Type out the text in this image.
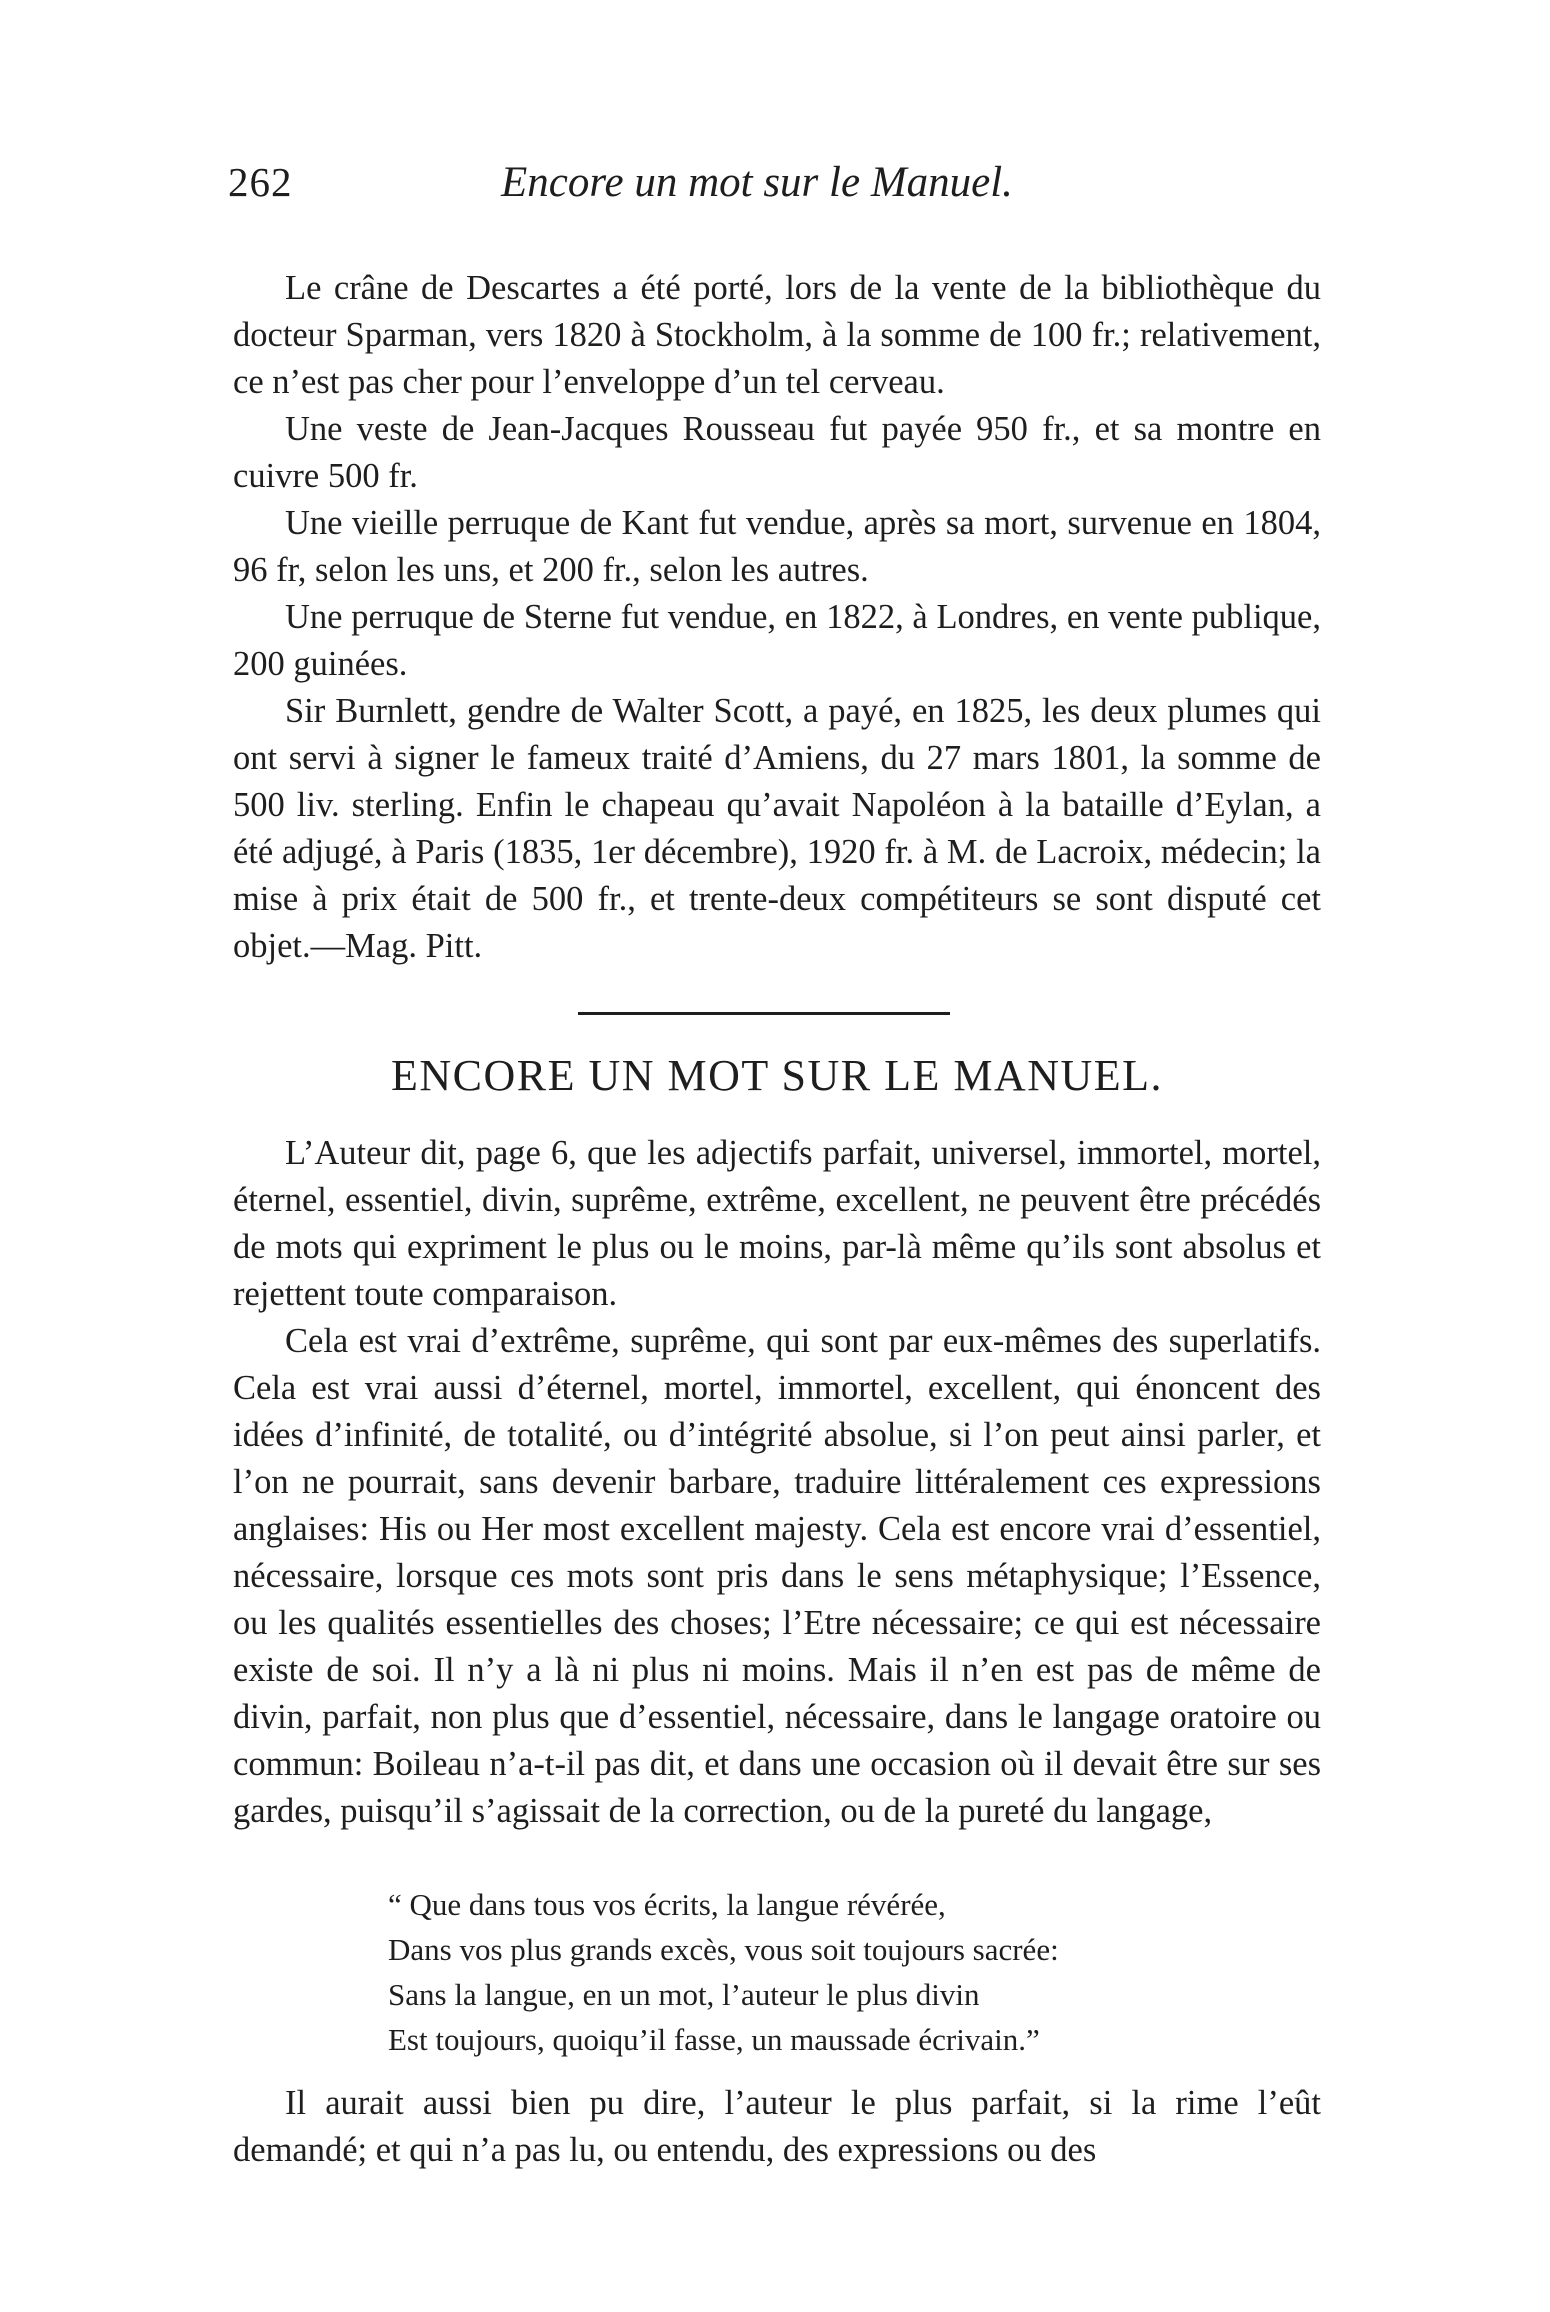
262	Encore un mot sur le Manuel.

Le crâne de Descartes a été porté, lors de la vente de la bibliothèque du docteur Sparman, vers 1820 à Stockholm, à la somme de 100 fr.; relativement, ce n’est pas cher pour l’enveloppe d’un tel cerveau.

Une veste de Jean-Jacques Rousseau fut payée 950 fr., et sa montre en cuivre 500 fr.

Une vieille perruque de Kant fut vendue, après sa mort, survenue en 1804, 96 fr, selon les uns, et 200 fr., selon les autres.

Une perruque de Sterne fut vendue, en 1822, à Londres, en vente publique, 200 guinées.

Sir Burnlett, gendre de Walter Scott, a payé, en 1825, les deux plumes qui ont servi à signer le fameux traité d’Amiens, du 27 mars 1801, la somme de 500 liv. sterling. Enfin le chapeau qu’avait Napoléon à la bataille d’Eylan, a été adjugé, à Paris (1835, 1er décembre), 1920 fr. à M. de Lacroix, médecin; la mise à prix était de 500 fr., et trente-deux compétiteurs se sont disputé cet objet.—Mag. Pitt.

ENCORE UN MOT SUR LE MANUEL.

L’Auteur dit, page 6, que les adjectifs parfait, universel, immortel, mortel, éternel, essentiel, divin, suprême, extrême, excellent, ne peuvent être précédés de mots qui expriment le plus ou le moins, par-là même qu’ils sont absolus et rejettent toute comparaison.

Cela est vrai d’extrême, suprême, qui sont par eux-mêmes des superlatifs. Cela est vrai aussi d’éternel, mortel, immortel, excellent, qui énoncent des idées d’infinité, de totalité, ou d’intégrité absolue, si l’on peut ainsi parler, et l’on ne pourrait, sans devenir barbare, traduire littéralement ces expressions anglaises: His ou Her most excellent majesty. Cela est encore vrai d’essentiel, nécessaire, lorsque ces mots sont pris dans le sens métaphysique; l’Essence, ou les qualités essentielles des choses; l’Etre nécessaire; ce qui est nécessaire existe de soi. Il n’y a là ni plus ni moins. Mais il n’en est pas de même de divin, parfait, non plus que d’essentiel, nécessaire, dans le langage oratoire ou commun: Boileau n’a-t-il pas dit, et dans une occasion où il devait être sur ses gardes, puisqu’il s’agissait de la correction, ou de la pureté du langage,

“ Que dans tous vos écrits, la langue révérée,
Dans vos plus grands excès, vous soit toujours sacrée:
Sans la langue, en un mot, l’auteur le plus divin
Est toujours, quoiqu’il fasse, un maussade écrivain.”

Il aurait aussi bien pu dire, l’auteur le plus parfait, si la rime l’eût demandé; et qui n’a pas lu, ou entendu, des expressions ou des
